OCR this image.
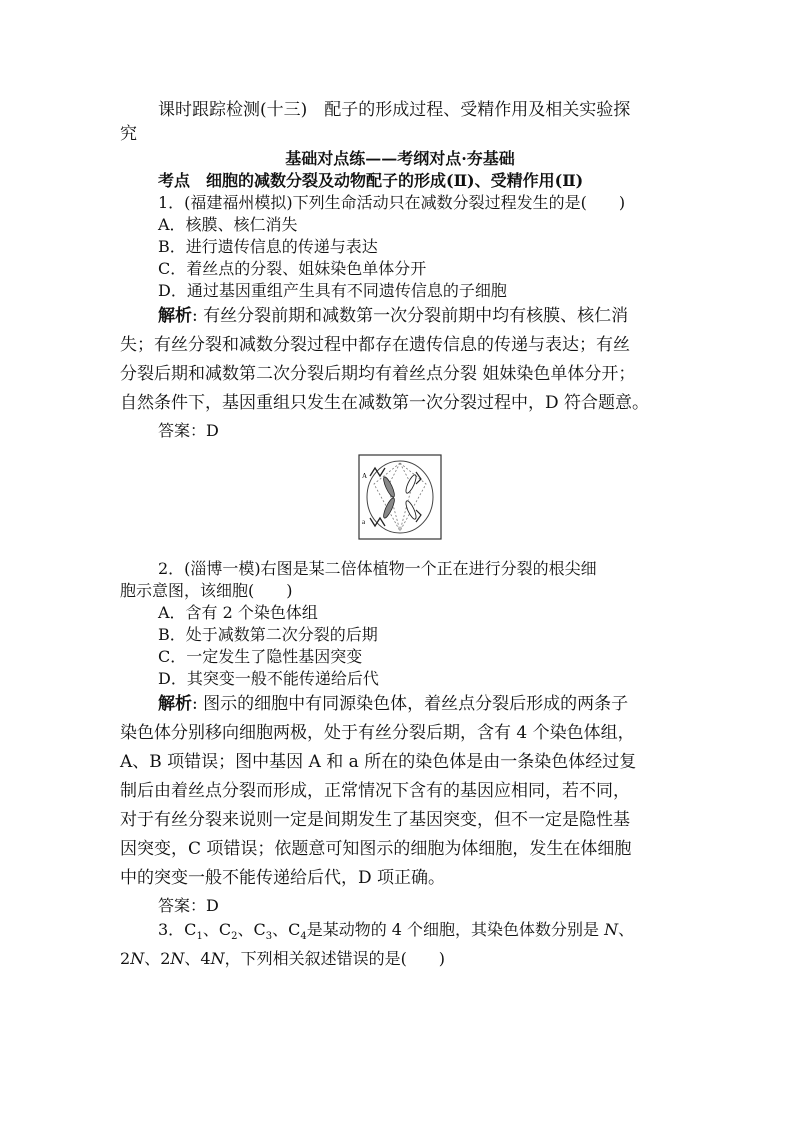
课时跟踪检测(十三)　配子的形成过程、受精作用及相关实验探
究
基础对点练——考纲对点·夯基础
考点　细胞的减数分裂及动物配子的形成(Ⅱ)、受精作用(Ⅱ)
1．(福建福州模拟)下列生命活动只在减数分裂过程发生的是(　　)
A．核膜、核仁消失
B．进行遗传信息的传递与表达
C．着丝点的分裂、姐妹染色单体分开
D．通过基因重组产生具有不同遗传信息的子细胞
解析: 有丝分裂前期和减数第一次分裂前期中均有核膜、核仁消
失；有丝分裂和减数分裂过程中都存在遗传信息的传递与表达；有丝
分裂后期和减数第二次分裂后期均有着丝点分裂 姐妹染色单体分开；
自然条件下，基因重组只发生在减数第一次分裂过程中，D 符合题意。
答案：D
A
a
2．(淄博一模)右图是某二倍体植物一个正在进行分裂的根尖细
胞示意图，该细胞(　　)
A．含有 2 个染色体组
B．处于减数第二次分裂的后期
C．一定发生了隐性基因突变
D．其突变一般不能传递给后代
解析: 图示的细胞中有同源染色体，着丝点分裂后形成的两条子
染色体分别移向细胞两极，处于有丝分裂后期，含有 4 个染色体组，
A、B 项错误；图中基因 A 和 a 所在的染色体是由一条染色体经过复
制后由着丝点分裂而形成，正常情况下含有的基因应相同，若不同，
对于有丝分裂来说则一定是间期发生了基因突变，但不一定是隐性基
因突变，C 项错误；依题意可知图示的细胞为体细胞，发生在体细胞
中的突变一般不能传递给后代，D 项正确。
答案：D
3．$C_1$、$C_2$、$C_3$、$C_4$是某动物的 4 个细胞，其染色体数分别是 N、
2N、2N、4N，下列相关叙述错误的是(　　)
